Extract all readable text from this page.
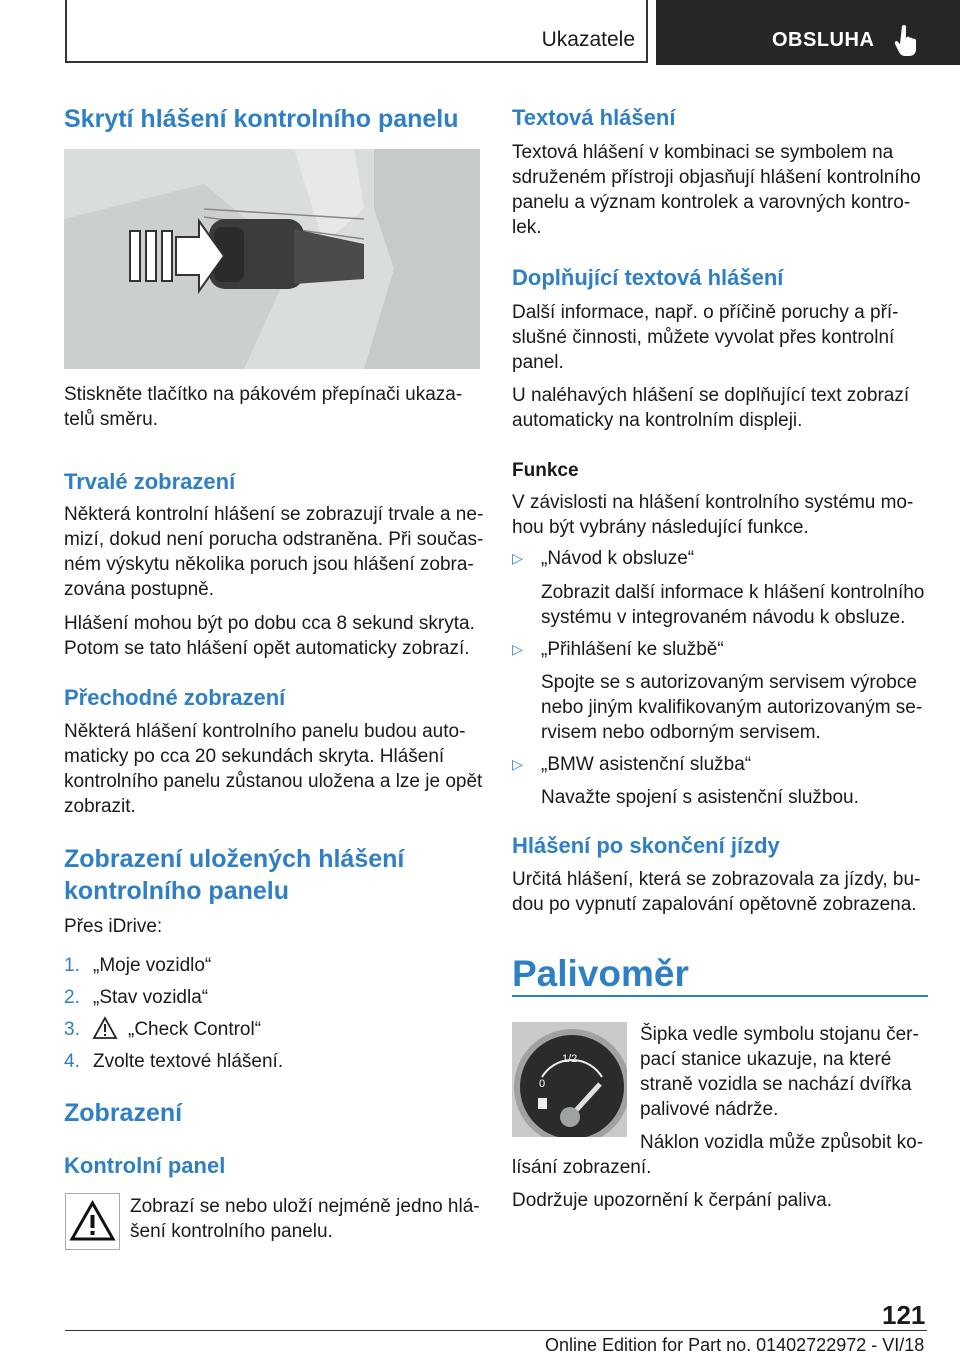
Ukazatele	OBSLUHA
Skrytí hlášení kontrolního panelu
Stiskněte tlačítko na pákovém přepínači ukaza-
telů směru.
Trvalé zobrazení
Některá kontrolní hlášení se zobrazují trvale a ne-
mizí, dokud není porucha odstraněna. Při součas-
ném výskytu několika poruch jsou hlášení zobra-
zována postupně.
Hlášení mohou být po dobu cca 8 sekund skryta.
Potom se tato hlášení opět automaticky zobrazí.
Přechodné zobrazení
Některá hlášení kontrolního panelu budou auto-
maticky po cca 20 sekundách skryta. Hlášení
kontrolního panelu zůstanou uložena a lze je opět
zobrazit.
Zobrazení uložených hlášení
kontrolního panelu
Přes iDrive:
1. „Moje vozidlo“
2. „Stav vozidla“
3.	„Check Control“
4. Zvolte textové hlášení.
Zobrazení
Kontrolní panel
Zobrazí se nebo uloží nejméně jedno hlá-
šení kontrolního panelu.
Textová hlášení
Textová hlášení v kombinaci se symbolem na
sdruženém přístroji objasňují hlášení kontrolního
panelu a význam kontrolek a varovných kontro-
lek.
Doplňující textová hlášení
Další informace, např. o příčině poruchy a pří-
slušné činnosti, můžete vyvolat přes kontrolní
panel.
U naléhavých hlášení se doplňující text zobrazí
automaticky na kontrolním displeji.
Funkce
V závislosti na hlášení kontrolního systému mo-
hou být vybrány následující funkce.
▷ „Návod k obsluze“
Zobrazit další informace k hlášení kontrolního
systému v integrovaném návodu k obsluze.
▷ „Přihlášení ke službě“
Spojte se s autorizovaným servisem výrobce
nebo jiným kvalifikovaným autorizovaným se-
rvisem nebo odborným servisem.
▷ „BMW asistenční služba“
Navažte spojení s asistenční službou.
Hlášení po skončení jízdy
Určitá hlášení, která se zobrazovala za jízdy, bu-
dou po vypnutí zapalování opětovně zobrazena.
Palivoměr
1/2
0
Šipka vedle symbolu stojanu čer-
pací stanice ukazuje, na které
straně vozidla se nachází dvířka
palivové nádrže.
Náklon vozidla může způsobit ko-
lísání zobrazení.
Dodržuje upozornění k čerpání paliva.
121
Online Edition for Part no. 01402722972 - VI/18
